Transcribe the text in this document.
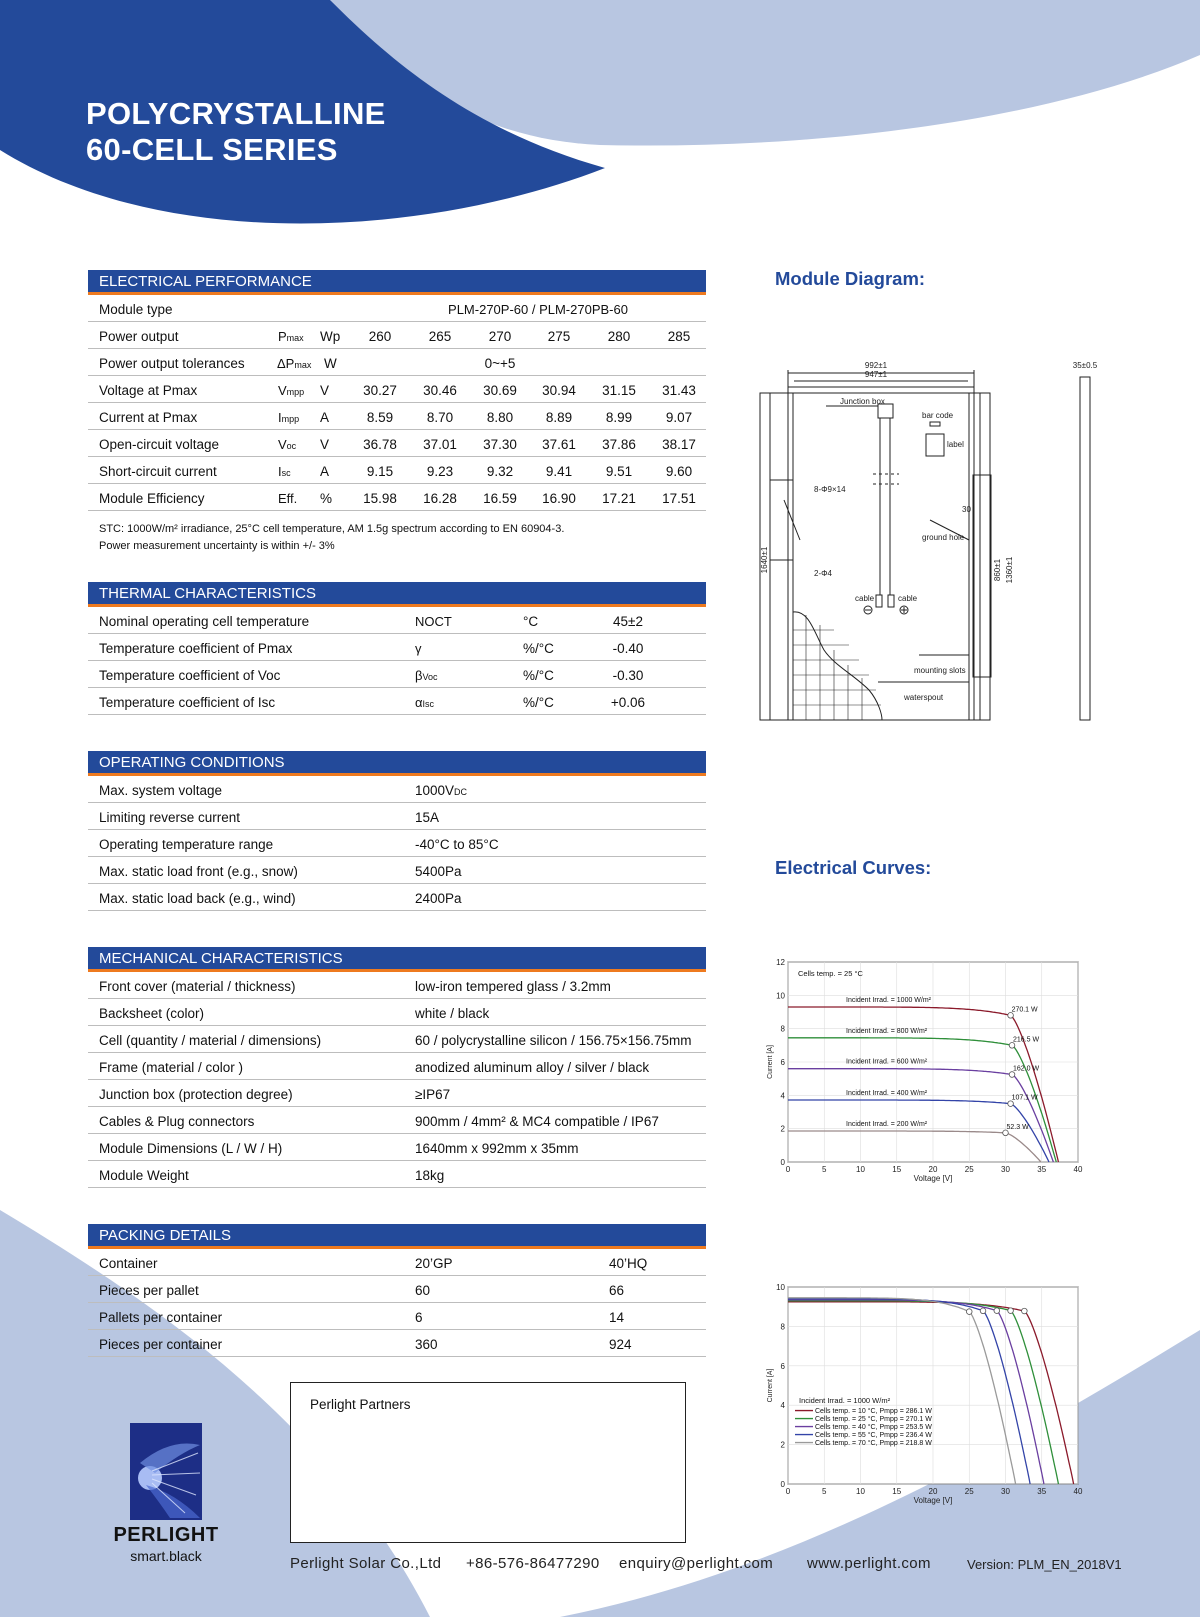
POLYCRYSTALLINE
60-CELL SERIES
ELECTRICAL PERFORMANCE
Module type	PLM-270P-60 / PLM-270PB-60
Power output	Pmax Wp	260	265	270	275	280	285
Power output tolerances ΔPmax W	0~+5
Voltage at Pmax	Vmpp V	30.27	30.46	30.69	30.94	31.15	31.43
Current at Pmax	Impp A	8.59	8.70	8.80	8.89	8.99	9.07
Open-circuit voltage	Voc V	36.78	37.01	37.30	37.61	37.86	38.17
Short-circuit current	Isc A	9.15	9.23	9.32	9.41	9.51	9.60
Module Efficiency	Eff. %	15.98	16.28	16.59	16.90	17.21	17.51
STC: 1000W/m² irradiance, 25°C cell temperature, AM 1.5g spectrum according to EN 60904-3.
Power measurement uncertainty is within +/- 3%
THERMAL CHARACTERISTICS
Nominal operating cell temperature	NOCT	°C	45±2
Temperature coefficient of Pmax	γ	%/°C	-0.40
Temperature coefficient of Voc	βVoc	%/°C	-0.30
Temperature coefficient of Isc	αIsc	%/°C	+0.06
OPERATING CONDITIONS
Max. system voltage	1000VDC
Limiting reverse current	15A
Operating temperature range	-40°C to 85°C
Max. static load front (e.g., snow)	5400Pa
Max. static load back (e.g., wind)	2400Pa
MECHANICAL CHARACTERISTICS
Front cover (material / thickness)	low-iron tempered glass / 3.2mm
Backsheet (color)	white / black
Cell (quantity / material / dimensions)	60 / polycrystalline silicon / 156.75×156.75mm
Frame (material / color )	anodized aluminum alloy / silver / black
Junction box (protection degree)	≥IP67
Cables & Plug connectors	900mm / 4mm² & MC4 compatible / IP67
Module Dimensions (L / W / H)	1640mm x 992mm x 35mm
Module Weight	18kg
PACKING DETAILS
Container	20’GP	40’HQ
Pieces per pallet	60	66
Pallets per container	6	14
Pieces per container	360	924
Perlight Partners
PERLIGHT
smart.black	Perlight Solar Co.,Ltd +86-576-86477290 enquiry@perlight.com www.perlight.com	Version: PLM_EN_2018V1
Module Diagram:
992±1
947±1
35±0.5
Junction box
bar code
label
8-Φ9×14
2-Φ4
ground hole
30
cable	cable
mounting slots
waterspout
1640±1	860±1 1360±1
Electrical Curves:
0	5	10	15	20	25	30	35	40
0
2
4
6
8
10
12
Voltage [V]
Current [A]
Incident Irrad. = 1000 W/m²
270.1 W
Incident Irrad. = 800 W/m²
216.5 W
Incident Irrad. = 600 W/m²
162.0 W
Incident Irrad. = 400 W/m²
107.1 W
Incident Irrad. = 200 W/m²	52.3 W
Cells temp. = 25 °C
0	5	10	15	20	25	30	35	40
0
2
4
6
8
10
Voltage [V]
Current [A]
Cells temp. = 10 °C, Pmpp = 286.1 W
Cells temp. = 25 °C, Pmpp = 270.1 W
Cells temp. = 40 °C, Pmpp = 253.5 W
Cells temp. = 55 °C, Pmpp = 236.4 W
Cells temp. = 70 °C, Pmpp = 218.8 W
Incident Irrad. = 1000 W/m²
